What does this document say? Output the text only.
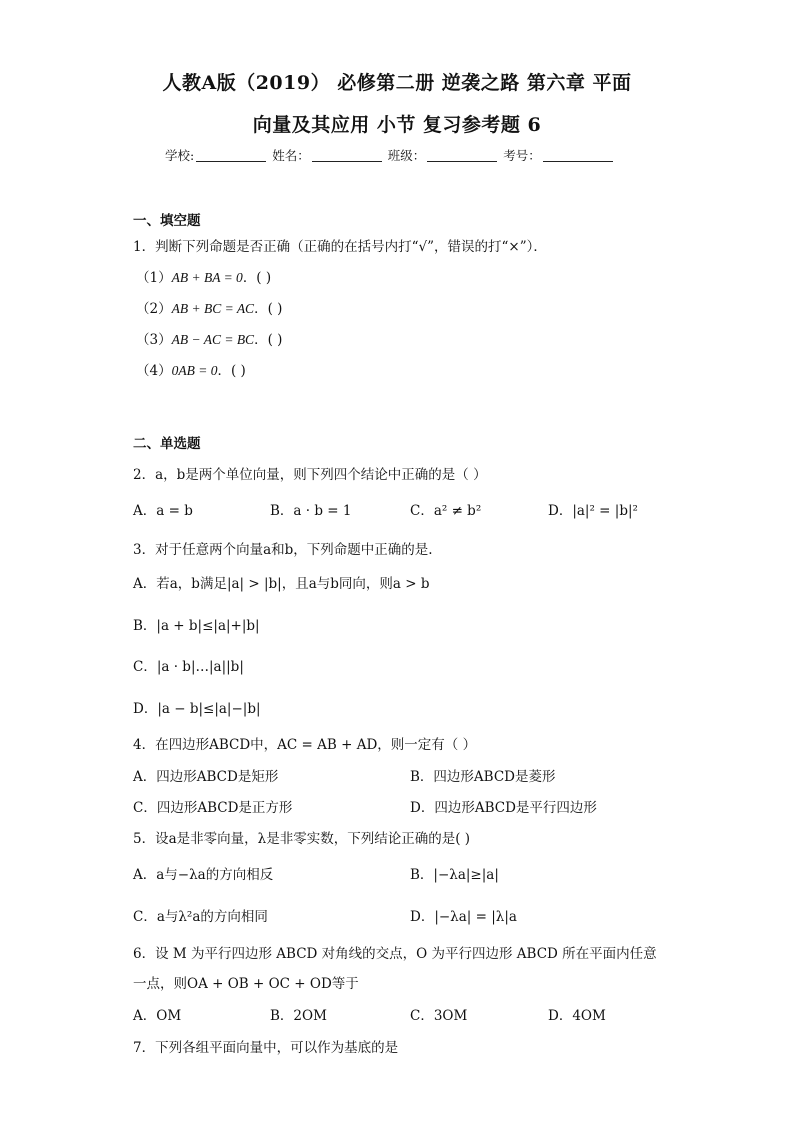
人教A版（2019） 必修第二册 逆袭之路 第六章 平面
向量及其应用 小节 复习参考题 6
学校:	姓名：	班级：	考号：
一、填空题
1．判断下列命题是否正确（正确的在括号内打“√”，错误的打“×”）．
（1）AB + BA = 0．( )
（2）AB + BC = AC．( )
（3）AB − AC = BC．( )
（4）0AB = 0．( )
二、单选题
2．a，b是两个单位向量，则下列四个结论中正确的是（ ）
A．a = b	B．a · b = 1	C．a² ≠ b²	D．|a|² = |b|²
3．对于任意两个向量a和b，下列命题中正确的是.
A．若a，b满足|a| > |b|，且a与b同向，则a > b
B．|a + b|≤|a|+|b|
C．|a · b|…|a||b|
D．|a − b|≤|a|−|b|
4．在四边形ABCD中，AC = AB + AD，则一定有（ ）
A．四边形ABCD是矩形	B．四边形ABCD是菱形
C．四边形ABCD是正方形	D．四边形ABCD是平行四边形
5．设a是非零向量，λ是非零实数，下列结论正确的是( )
A．a与−λa的方向相反	B．|−λa|≥|a|
C．a与λ²a的方向相同	D．|−λa| = |λ|a
6．设 M 为平行四边形 ABCD 对角线的交点，O 为平行四边形 ABCD 所在平面内任意
一点，则OA + OB + OC + OD等于
A．OM	B．2OM	C．3OM	D．4OM
7．下列各组平面向量中，可以作为基底的是
